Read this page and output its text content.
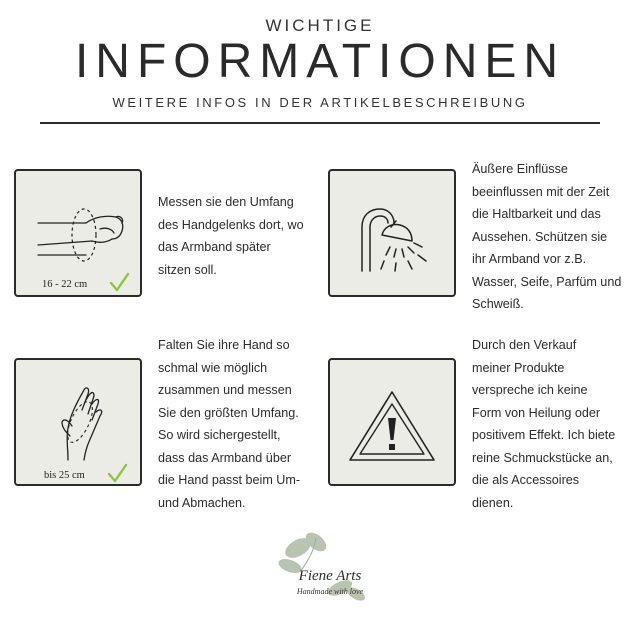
WICHTIGE
INFORMATIONEN
WEITERE INFOS IN DER ARTIKELBESCHREIBUNG
16 - 22 cm
Messen sie den Umfang
des Handgelenks dort, wo
das Armband später
sitzen soll.
Äußere Einflüsse
beeinflussen mit der Zeit
die Haltbarkeit und das
Aussehen. Schützen sie
ihr Armband vor z.B.
Wasser, Seife, Parfüm und
Schweiß.
bis 25 cm
Falten Sie ihre Hand so
schmal wie möglich
zusammen und messen
Sie den größten Umfang.
So wird sichergestellt,
dass das Armband über
die Hand passt beim Um-
und Abmachen.
Durch den Verkauf
meiner Produkte
verspreche ich keine
Form von Heilung oder
positivem Effekt. Ich biete
reine Schmuckstücke an,
die als Accessoires
dienen.
Fiene Arts
Handmade with love
